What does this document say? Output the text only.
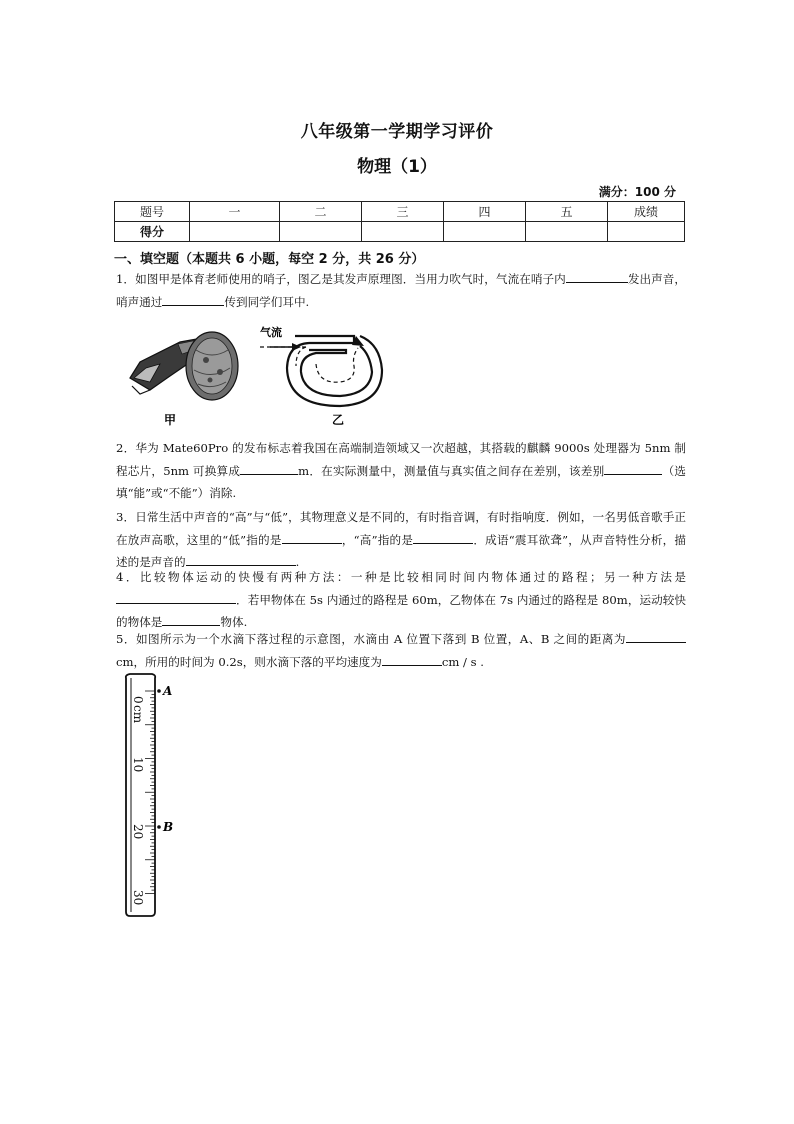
八年级第一学期学习评价
物理（1）
满分：100 分
题号	一	二	三	四	五	成绩
得分						
一、填空题（本题共 6 小题，每空 2 分，共 26 分）
1．如图甲是体育老师使用的哨子，图乙是其发声原理图．当用力吹气时，气流在哨子内	发出声音，哨声通过	传到同学们耳中.
甲
气流
乙
2．华为 Mate60Pro 的发布标志着我国在高端制造领域又一次超越，其搭载的麒麟 9000s 处理器为 5nm 制程芯片，5nm 可换算成	m．在实际测量中，测量值与真实值之间存在差别，该差别	（选填“能”或“不能”）消除.
3．日常生活中声音的“高”与“低”，其物理意义是不同的，有时指音调，有时指响度．例如，一名男低音歌手正在放声高歌，这里的“低”指的是	，“高”指的是	．成语“震耳欲聋”，从声音特性分析，描述的是声音的	.
4．比较物体运动的快慢有两种方法：一种是比较相同时间内物体通过的路程；另一种方法是．若甲物体在 5s 内通过的路程是 60m，乙物体在 7s 内通过的路程是 80m，运动较快的物体是	物体.
5．如图所示为一个水滴下落过程的示意图，水滴由 A 位置下落到 B 位置，A、B 之间的距离为cm，所用的时间为 0.2s，则水滴下落的平均速度为	cm / s .
0
cm
10
20
30
A
B
